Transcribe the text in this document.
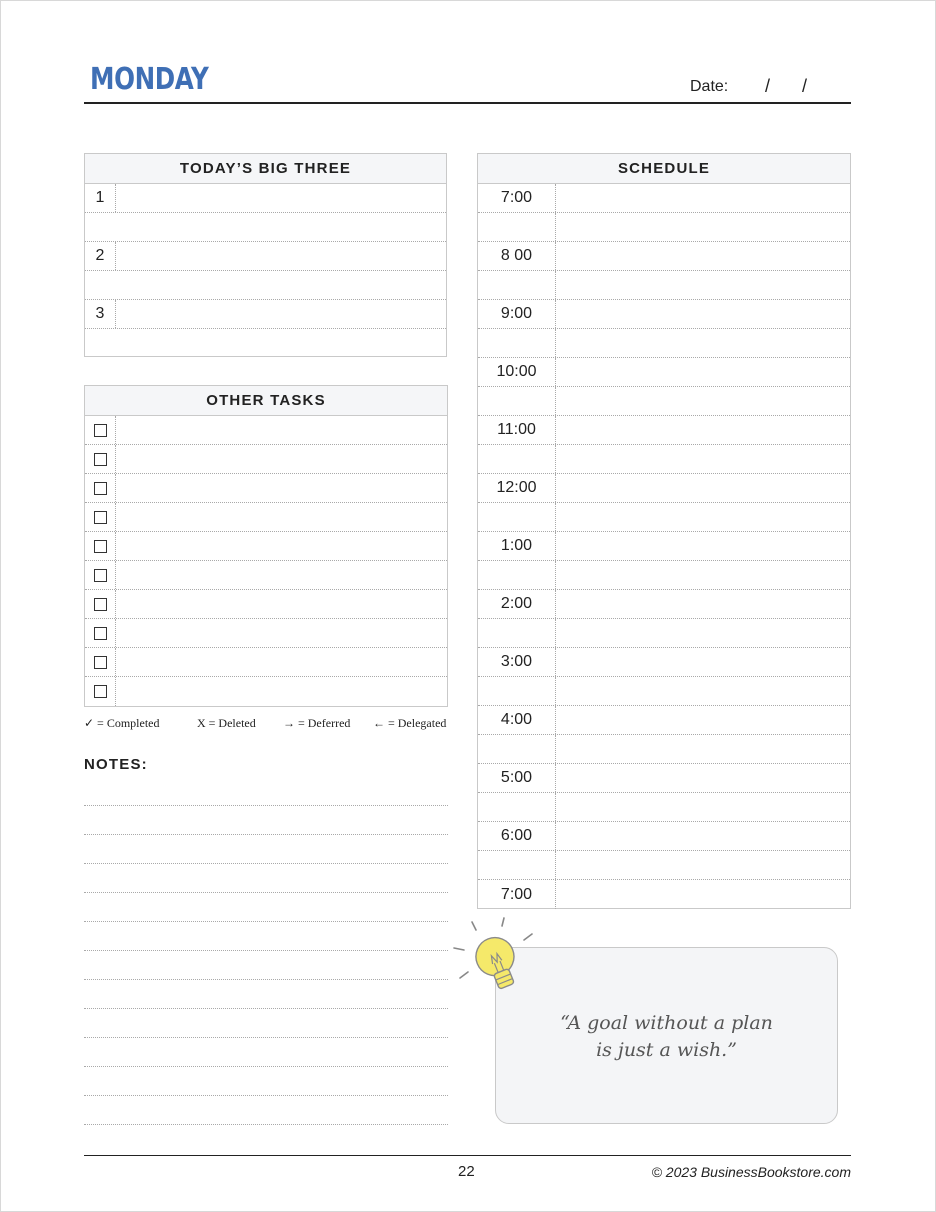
MONDAY	Date: / /
TODAY’S BIG THREE
1
2
3
OTHER TASKS
✓ = Completed	X = Deleted → = Deferred ← = Delegated
NOTES:
SCHEDULE
7:00
8 00
9:00
10:00
11:00
12:00
1:00
2:00
3:00
4:00
5:00
6:00
7:00
“A goal without a plan
is just a wish.”
22	© 2023 BusinessBookstore.com
